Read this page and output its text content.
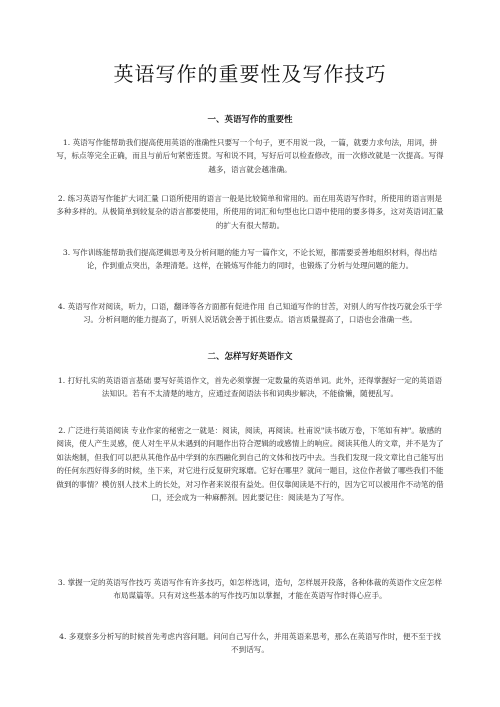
英语写作的重要性及写作技巧
一、英语写作的重要性

1. 英语写作能帮助我们提高使用英语的准确性只要写一个句子，更不用说一段，一篇，就要力求句法，用词，拼写，标点等完全正确，而且与前后句紧密连贯。写和说不同，写好后可以检查修改，而一次修改就是一次提高。写得越多，语言就会越准确。

2. 练习英语写作能扩大词汇量 口语所使用的语言一般是比较简单和常用的。而在用英语写作时，所使用的语言则是多种多样的。从极简单到较复杂的语言都要使用，所使用的词汇和句型也比口语中使用的要多得多，这对英语词汇量的扩大有很大帮助。

3. 写作训练能帮助我们提高逻辑思考及分析问题的能力写一篇作文，不论长短，都需要妥善地组织材料，得出结论，作到重点突出，条理清楚。这样，在锻炼写作能力的同时，也锻炼了分析与处理问题的能力。

4. 英语写作对阅读，听力，口语，翻译等各方面都有促进作用 自己知道写作的甘苦，对别人的写作技巧就会乐于学习。分析问题的能力提高了，听别人说话就会善于抓住要点。语言质量提高了，口语也会准确一些。

二、怎样写好英语作文

1. 打好扎实的英语语言基础 要写好英语作文，首先必须掌握一定数量的英语单词。此外，还得掌握好一定的英语语法知识。若有不太清楚的地方，应通过查阅语法书和词典步解决，不能偷懒，随便乱写。

2. 广泛进行英语阅读 专业作家的秘密之一就是：阅读，阅读，再阅读。杜甫说"读书破万卷，下笔如有神"。敏感的阅读，使人产生灵感，使人对生平从未遇到的问题作出符合逻辑的或感情上的响应。阅读其他人的文章，并不是为了如法炮制，但我们可以把从其他作品中学到的东西融化到自己的文体和技巧中去。当我们发现一段文章比自己能写出的任何东西好得多的时候，坐下来，对它进行反复研究琢磨。它好在哪里？就问一题目，这位作者做了哪些我们不能做到的事情？模仿别人技术上的长处，对习作者来说很有益处。但仅靠阅读是不行的，因为它可以被用作不动笔的借口，还会成为一种麻醉剂。因此要记住：阅读是为了写作。

3. 掌握一定的英语写作技巧 英语写作有许多技巧，如怎样选词，造句，怎样展开段落，各种体裁的英语作文应怎样布局谋篇等。只有对这些基本的写作技巧加以掌握，才能在英语写作时得心应手。

4. 多观察多分析写的时候首先考虑内容问题。问问自己写什么，并用英语来思考，那么在英语写作时，便不至于找不到话写。
